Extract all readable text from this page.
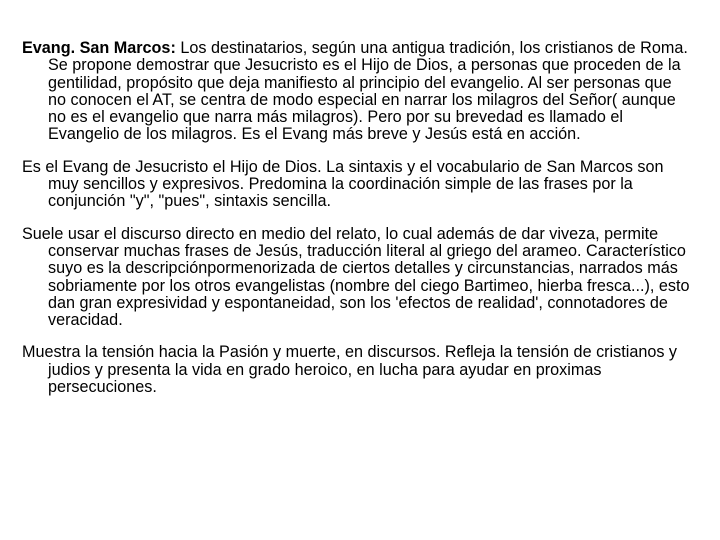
Evang. San Marcos: Los destinatarios, según una antigua tradición, los cristianos de Roma. Se propone demostrar que Jesucristo es el Hijo de Dios, a personas que proceden de la gentilidad, propósito que deja manifiesto al principio del evangelio. Al ser personas que no conocen el AT, se centra de modo especial en narrar los milagros del Señor( aunque no es el evangelio que narra más milagros). Pero por su brevedad es llamado el Evangelio de los milagros. Es el Evang más breve y Jesús está en acción.

Es el Evang de Jesucristo el Hijo de Dios. La sintaxis y el vocabulario de San Marcos son muy sencillos y expresivos. Predomina la coordinación simple de las frases por la conjunción "y", "pues", sintaxis sencilla.

Suele usar el discurso directo en medio del relato, lo cual además de dar viveza, permite conservar muchas frases de Jesús, traducción literal al griego del arameo. Característico suyo es la descripciónpormenorizada de ciertos detalles y circunstancias, narrados más sobriamente por los otros evangelistas (nombre del ciego Bartimeo, hierba fresca...), esto dan gran expresividad y espontaneidad, son los 'efectos de realidad', connotadores de veracidad.

Muestra la tensión hacia la Pasión y muerte, en discursos. Refleja la tensión de cristianos y judios y presenta la vida en grado heroico, en lucha para ayudar en proximas persecuciones.
